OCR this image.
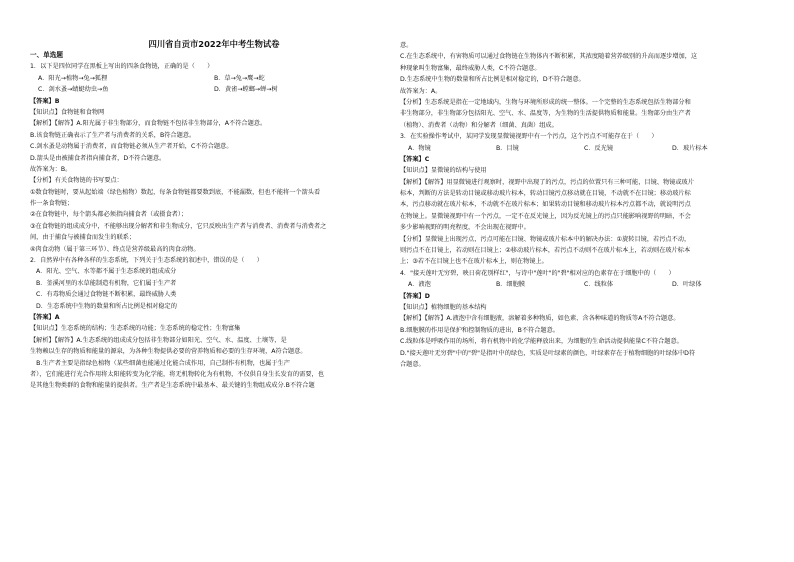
四川省自贡市2022年中考生物试卷
一、单选题
1．以下是四位同学在黑板上写出的四条食物链，正确的是（　　）
A．阳光→植物→兔→狐狸	B．草→兔→鹰→蛇
C．剑水蚤→蜻蜓幼虫→鱼	D．黄雀→螳螂→蝉→树
【答案】B
【知识点】食物链和食物网
【解析】【解答】A.阳光属于非生物部分，而食物链不包括非生物部分，A不符合题意。
B.该食物链正确表示了生产者与消费者的关系，B符合题意。
C.剑水蚤是动物属于消费者，而食物链必须从生产者开始，C不符合题意。
D.箭头是由被捕食者指向捕食者，D不符合题意。
故答案为：B。
【分析】有关食物链的书写要点：
①数食物链时，要从起始端（绿色植物）数起，每条食物链都要数到底，不能漏数，但也不能将一个箭头看
作一条食物链；
②在食物链中，每个箭头都必须指向捕食者（或摄食者）；
③在食物链的组成成分中，不能够出现分解者和非生物成分，它只反映出生产者与消费者、消费者与消费者之
间，由于捕食与被捕食而发生的联系；
④肉食动物（属于第三环节）、终点是营养级最高的肉食动物。
2．自然界中有各种各样的生态系统，下列关于生态系统的叙述中，错误的是（　　）
A．阳光、空气、水等都不属于生态系统的组成成分
B．釜溪河里的水草能制造有机物，它们属于生产者
C．有毒物质会通过食物链不断积累，最终威胁人类
D．生态系统中生物的数量和所占比例是相对稳定的
【答案】A
【知识点】生态系统的结构；生态系统的功能；生态系统的稳定性；生物富集
【解析】【解答】A.生态系统的组成成分包括非生物部分如阳光、空气、水、温度、土壤等，是
生物赖以生存的物质和能量的源泉，为各种生物提供必要的营养物质和必要的生存环境，A符合题意。
　B.生产者主要是指绿色植物（某些细菌也能通过化能合成作用，自己制作有机物，也属于生产
者），它们能进行光合作用将太阳能转变为化学能，将无机物转化为有机物，不仅供自身生长发育的需要，也
是其他生物类群的食物和能量的提供者。生产者是生态系统中最基本、最关键的生物组成成分.B不符合题
意。
C.在生态系统中，有害物质可以通过食物链在生物体内不断积累，其浓度随着营养级别的升高而逐步增加，这
种现象叫生物富集，最终威胁人类，C不符合题意。
D.生态系统中生物的数量和所占比例是相对稳定的，D不符合题意。
故答案为：A。
【分析】生态系统是指在一定地域内，生物与环境所形成的统一整体。一个完整的生态系统包括生物部分和
非生物部分，非生物部分包括阳光、空气、水、温度等，为生物的生活提供物质和能量。生物部分由生产者
（植物）、消费者（动物）和分解者（细菌、真菌）组成。
3．在实验操作考试中，某同学发现显微镜视野中有一个污点，这个污点不可能存在于（　　）
A．物镜	B．目镜	C．反光镜	D．玻片标本
【答案】C
【知识点】显微镜的结构与使用
【解析】【解答】用显微镜进行观察时，视野中出现了的污点，污点的位置只有三种可能，目镜、物镜或玻片
标本，判断的方法是转动目镜或移动玻片标本，转动目镜污点移动就在目镜，不动就不在目镜；移动玻片标
本，污点移动就在玻片标本，不动就不在玻片标本；如果转动目镜和移动玻片标本污点都不动，就说明污点
在物镜上。显微镜视野中有一个污点，一定不在反光镜上，因为反光镜上的污点只能影响视野的明暗，不会
多少影响视野的明亮程度，不会出现在视野中。
【分析】显微镜上出现污点，污点可能在目镜、物镜或玻片标本中的解决办法：①旋转目镜，若污点不动，
则污点不在目镜上，若动则在目镜上；②移动玻片标本，若污点不动则不在玻片标本上，若动则在玻片标本
上；③若不在目镜上也不在玻片标本上，则在物镜上。
4．"接天莲叶无穷碧，映日荷花别样红"，与诗中"莲叶"的"碧"相对应的色素存在于细胞中的（　　）
A．液泡	B．细胞膜	C．线粒体	D．叶绿体
【答案】D
【知识点】植物细胞的基本结构
【解析】【解答】A.液泡中含有细胞液，溶解着多种物质，如色素、含各种味道的物质等A不符合题意。
B.细胞膜的作用是保护和控制物质的进出，B不符合题意。
C.线粒体是呼吸作用的场所，将有机物中的化学能释放出来，为细胞的生命活动提供能量C不符合题意。
D."接天莲叶无穷碧"中的"碧"是指叶中的绿色，实质是叶绿素的颜色，叶绿素存在于植物细胞的叶绿体中D符
合题意。
